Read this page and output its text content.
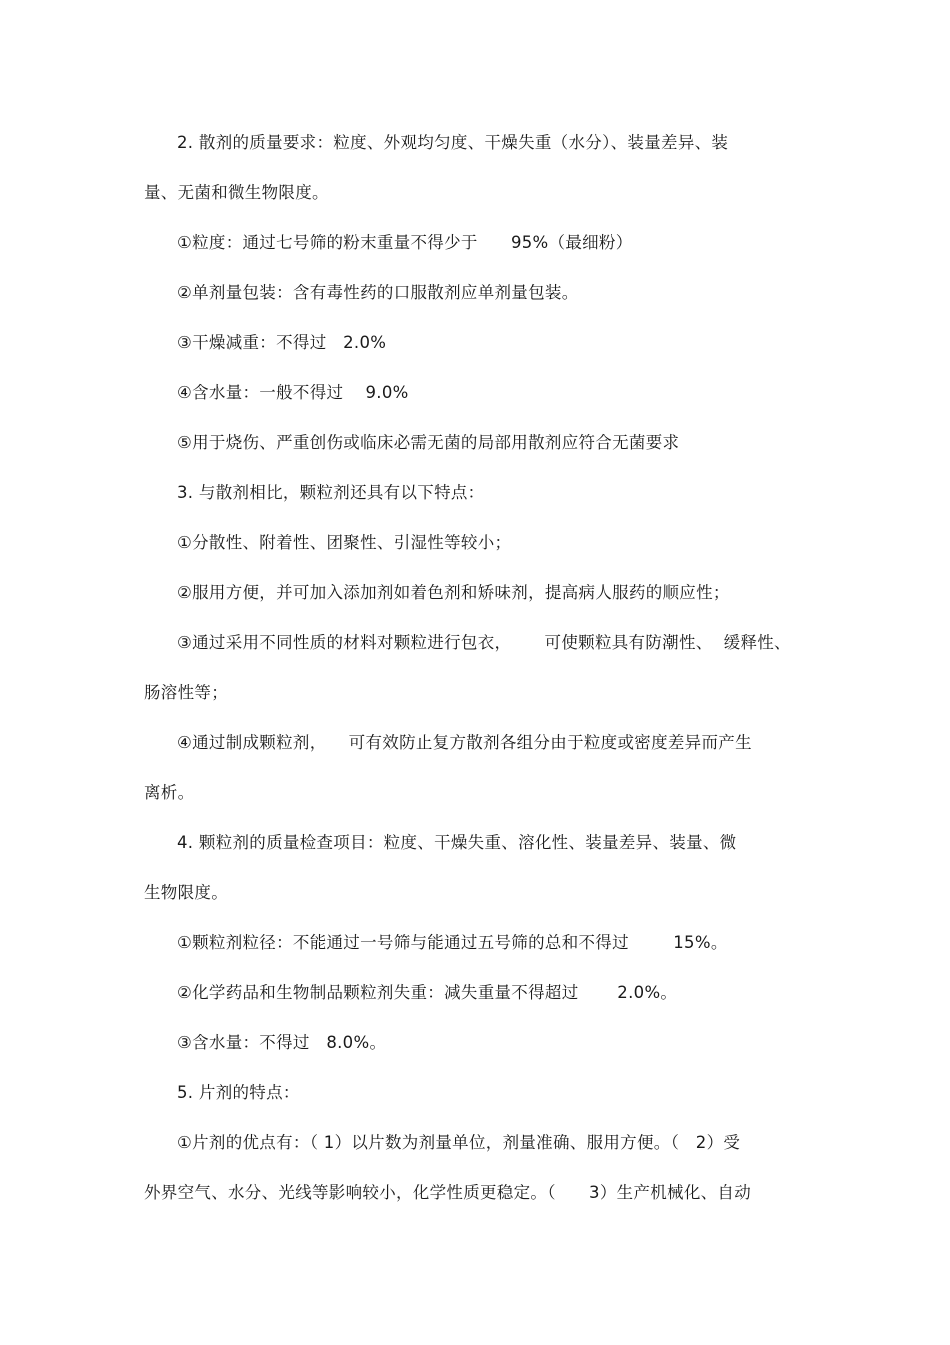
2. 散剂的质量要求：粒度、外观均匀度、干燥失重（水分）、装量差异、装
量、无菌和微生物限度。
①粒度：通过七号筛的粉末重量不得少于      95%（最细粉）
②单剂量包装：含有毒性药的口服散剂应单剂量包装。
③干燥减重：不得过   2.0%
④含水量：一般不得过    9.0%
⑤用于烧伤、严重创伤或临床必需无菌的局部用散剂应符合无菌要求
3. 与散剂相比，颗粒剂还具有以下特点：
①分散性、附着性、团聚性、引湿性等较小；
②服用方便，并可加入添加剂如着色剂和矫味剂，提高病人服药的顺应性；
③通过采用不同性质的材料对颗粒进行包衣，      可使颗粒具有防潮性、  缓释性、
肠溶性等；
④通过制成颗粒剂，    可有效防止复方散剂各组分由于粒度或密度差异而产生
离析。
4. 颗粒剂的质量检查项目：粒度、干燥失重、溶化性、装量差异、装量、微
生物限度。
①颗粒剂粒径：不能通过一号筛与能通过五号筛的总和不得过        15%。
②化学药品和生物制品颗粒剂失重：减失重量不得超过       2.0%。
③含水量：不得过   8.0%。
5. 片剂的特点：
①片剂的优点有：（ 1）以片数为剂量单位，剂量准确、服用方便。（   2）受
外界空气、水分、光线等影响较小，化学性质更稳定。（      3）生产机械化、自动
